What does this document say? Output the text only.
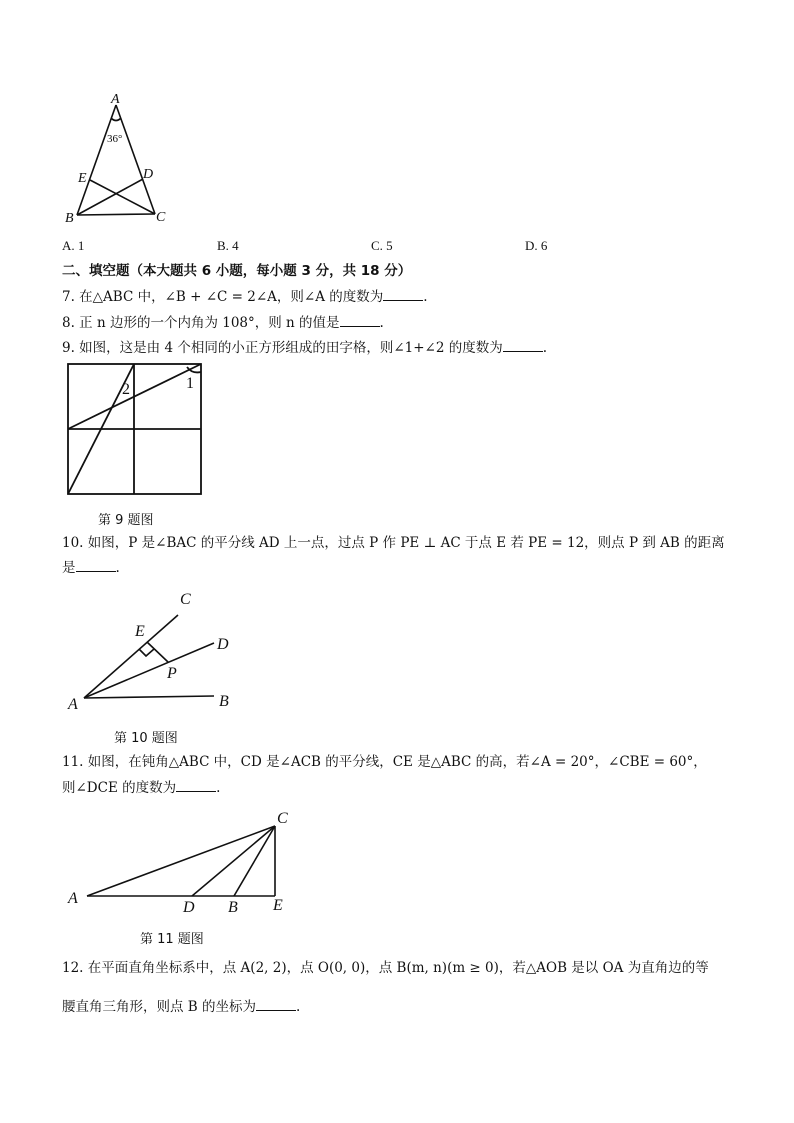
A
36°
E	D
B	C
A. 1	B. 4	C. 5	D. 6
二、填空题（本大题共 6 小题，每小题 3 分，共 18 分）
7. 在△ABC 中，∠B + ∠C = 2∠A，则∠A 的度数为	.
8. 正 n 边形的一个内角为 108°，则 n 的值是	.
9. 如图，这是由 4 个相同的小正方形组成的田字格，则∠1+∠2 的度数为	.
2	1
第 9 题图
10. 如图，P 是∠BAC 的平分线 AD 上一点，过点 P 作 PE ⊥ AC 于点 E 若 PE = 12，则点 P 到 AB 的距离
是	.
C
E
D
P
A	B
第 10 题图
11. 如图，在钝角△ABC 中，CD 是∠ACB 的平分线，CE 是△ABC 的高，若∠A = 20°，∠CBE = 60°，
则∠DCE 的度数为	.
C
A
D B E
第 11 题图
12. 在平面直角坐标系中，点 A(2, 2)，点 O(0, 0)，点 B(m, n)(m ≥ 0)，若△AOB 是以 OA 为直角边的等
腰直角三角形，则点 B 的坐标为	.
